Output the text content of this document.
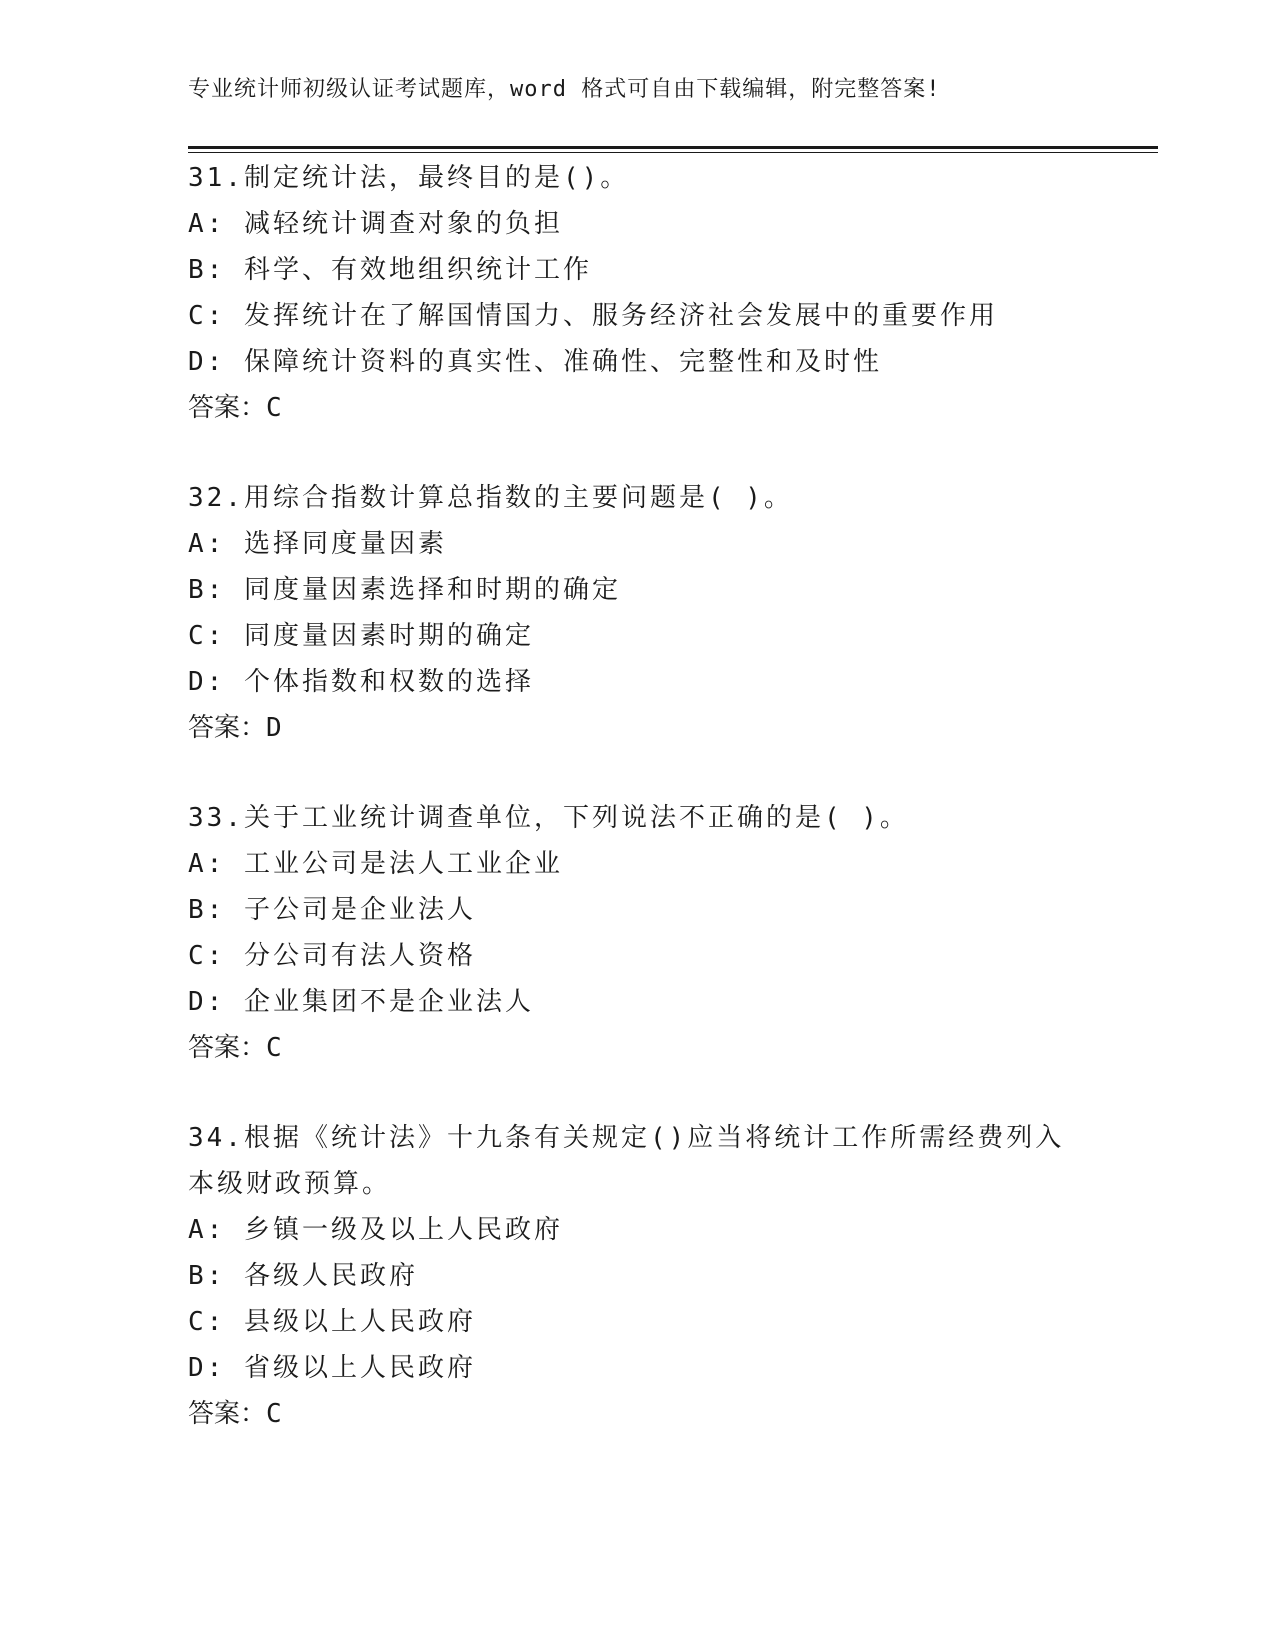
专业统计师初级认证考试题库，word 格式可自由下载编辑，附完整答案!
31.制定统计法，最终目的是()。
A: 减轻统计调查对象的负担
B: 科学、有效地组织统计工作
C: 发挥统计在了解国情国力、服务经济社会发展中的重要作用
D: 保障统计资料的真实性、准确性、完整性和及时性
答案：C
32.用综合指数计算总指数的主要问题是( )。
A: 选择同度量因素
B: 同度量因素选择和时期的确定
C: 同度量因素时期的确定
D: 个体指数和权数的选择
答案：D
33.关于工业统计调查单位，下列说法不正确的是( )。
A: 工业公司是法人工业企业
B: 子公司是企业法人
C: 分公司有法人资格
D: 企业集团不是企业法人
答案：C
34.根据《统计法》十九条有关规定()应当将统计工作所需经费列入本级财政预算。
A: 乡镇一级及以上人民政府
B: 各级人民政府
C: 县级以上人民政府
D: 省级以上人民政府
答案：C
